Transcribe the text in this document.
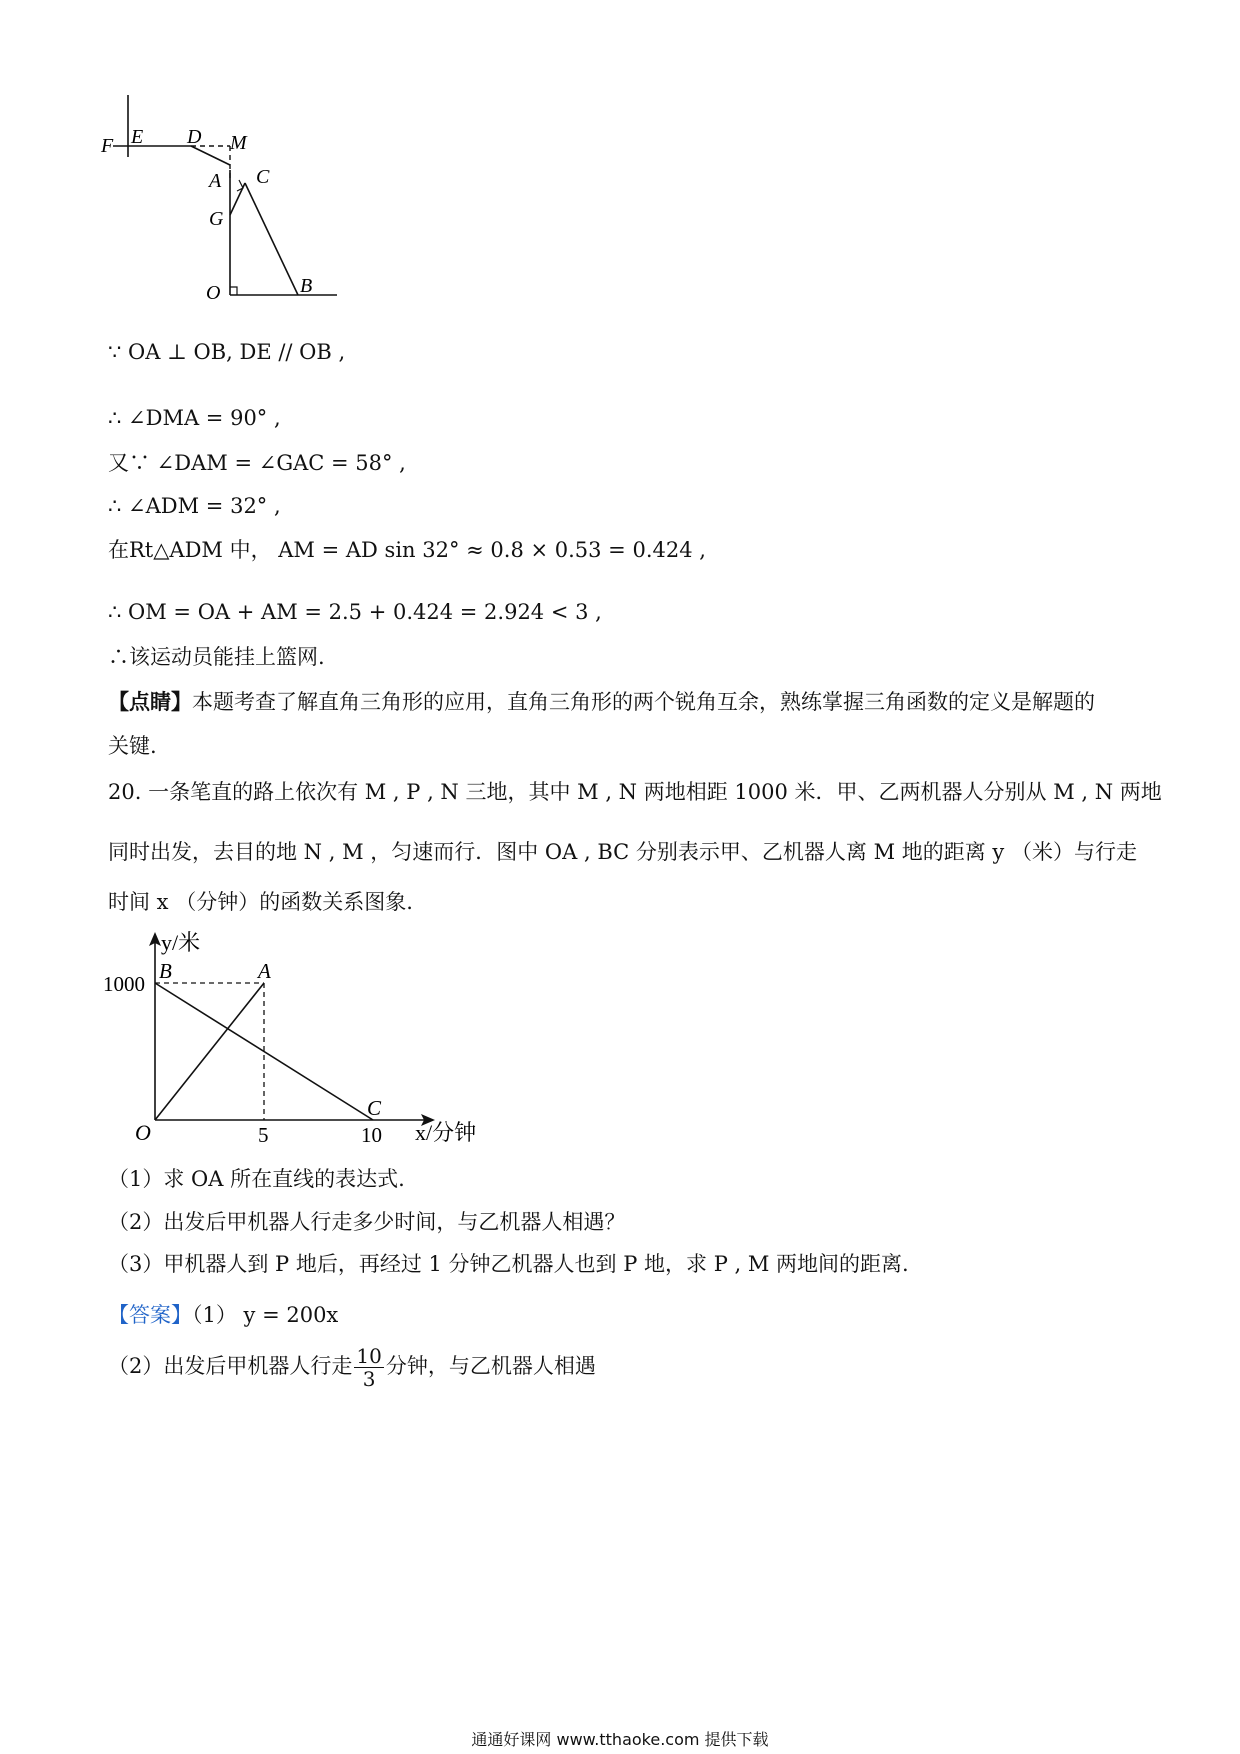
F E D M
A C
G
O	B
∵ OA ⊥ OB, DE // OB ,
∴ ∠DMA = 90° ,
又∵ ∠DAM = ∠GAC = 58° ,
∴ ∠ADM = 32° ,
在Rt△ADM 中， AM = AD sin 32° ≈ 0.8 × 0.53 = 0.424 ,
∴ OM = OA + AM = 2.5 + 0.424 = 2.924 < 3 ,
∴该运动员能挂上篮网.
【点睛】本题考查了解直角三角形的应用，直角三角形的两个锐角互余，熟练掌握三角函数的定义是解题的
关键.
20. 一条笔直的路上依次有 M , P , N 三地，其中 M , N 两地相距 1000 米．甲、乙两机器人分别从 M , N 两地
同时出发，去目的地 N , M ，匀速而行．图中 OA , BC 分别表示甲、乙机器人离 M 地的距离 y （米）与行走
时间 x （分钟）的函数关系图象.
A
B
C
5	10
1000
y/米
x/分钟
O
（1）求 OA 所在直线的表达式.
（2）出发后甲机器人行走多少时间，与乙机器人相遇？
（3）甲机器人到 P 地后，再经过 1 分钟乙机器人也到 P 地，求 P , M 两地间的距离.
【答案】（1） y = 200x
（2）出发后甲机器人行走 $\frac{10}{3}$ 分钟，与乙机器人相遇
通通好课网 www.tthaoke.com 提供下载
